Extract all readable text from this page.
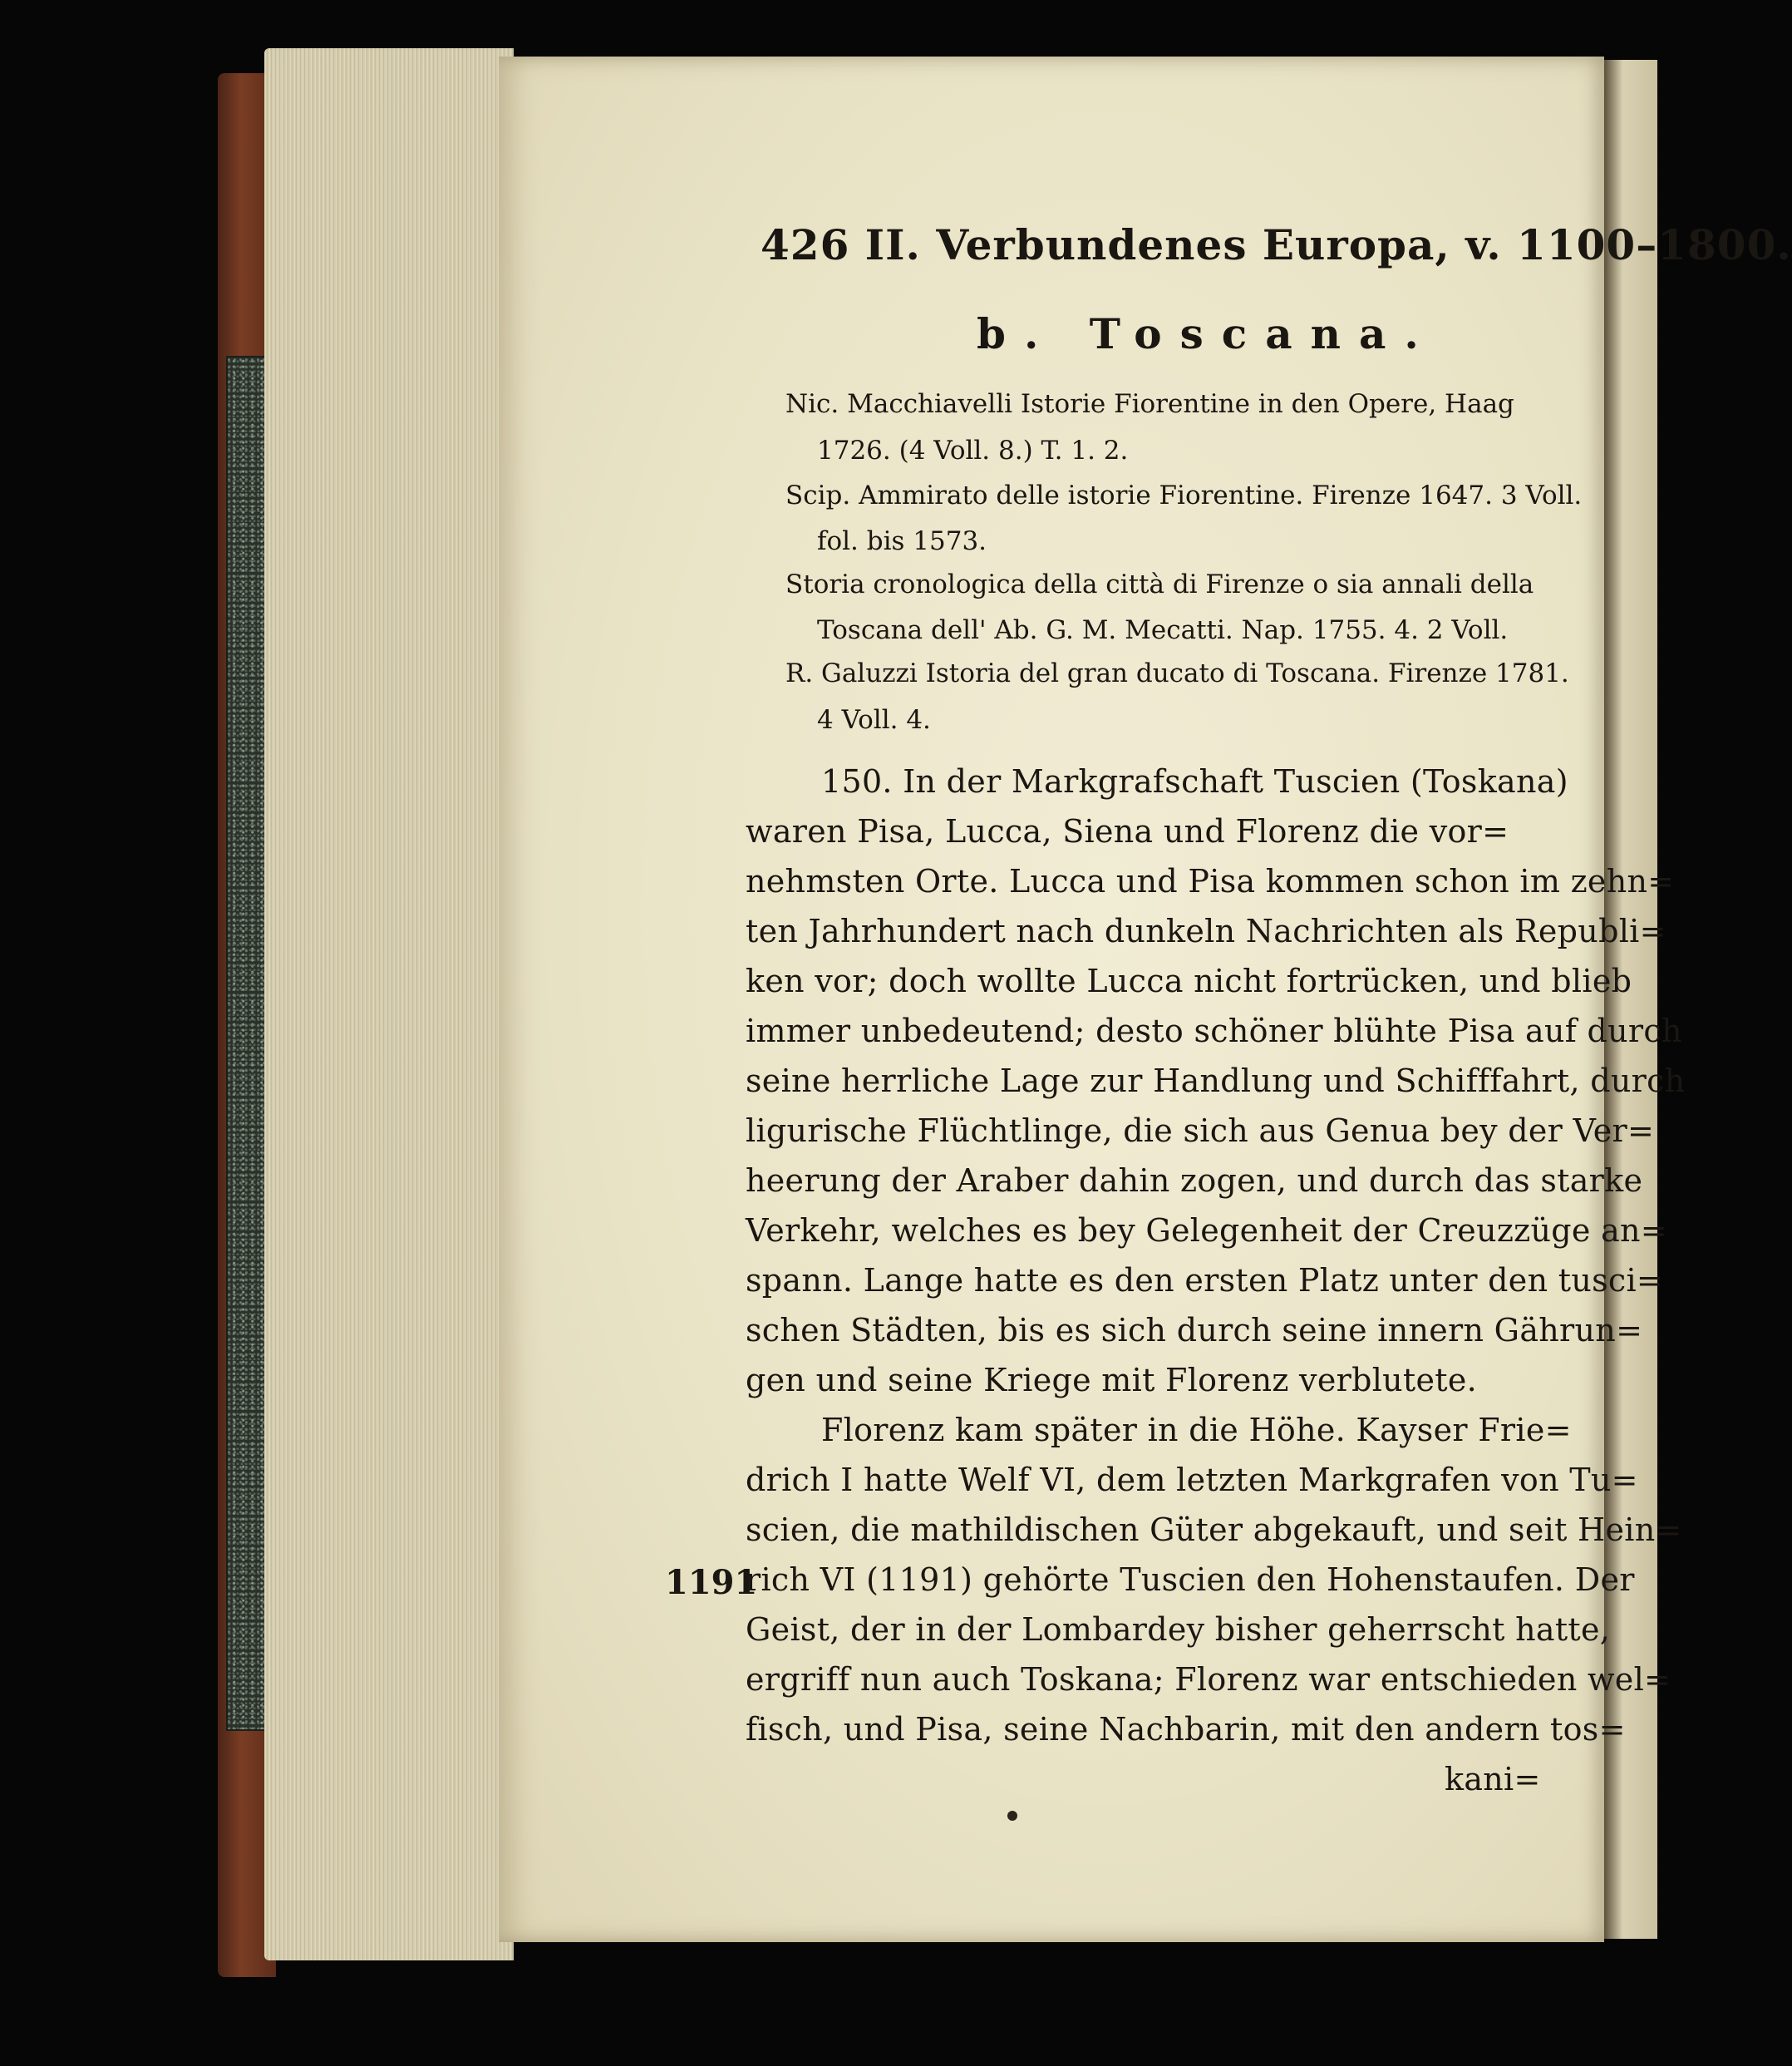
426 II. Verbundenes Europa, v. 1100–1800.
b. Toscana.
Nic. Macchiavelli Istorie Fiorentine in den Opere, Haag
1726. (4 Voll. 8.) T. 1. 2.
Scip. Ammirato delle istorie Fiorentine. Firenze 1647. 3 Voll.
fol. bis 1573.
Storia cronologica della città di Firenze o sia annali della
Toscana dell' Ab. G. M. Mecatti. Nap. 1755. 4. 2 Voll.
R. Galuzzi Istoria del gran ducato di Toscana. Firenze 1781.
4 Voll. 4.
150. In der Markgrafschaft Tuscien (Toskana)
waren Pisa, Lucca, Siena und Florenz die vor=
nehmsten Orte. Lucca und Pisa kommen schon im zehn=
ten Jahrhundert nach dunkeln Nachrichten als Republi=
ken vor; doch wollte Lucca nicht fortrücken, und blieb
immer unbedeutend; desto schöner blühte Pisa auf durch
seine herrliche Lage zur Handlung und Schifffahrt, durch
ligurische Flüchtlinge, die sich aus Genua bey der Ver=
heerung der Araber dahin zogen, und durch das starke
Verkehr, welches es bey Gelegenheit der Creuzzüge an=
spann. Lange hatte es den ersten Platz unter den tusci=
schen Städten, bis es sich durch seine innern Gährun=
gen und seine Kriege mit Florenz verblutete.
Florenz kam später in die Höhe. Kayser Frie=
drich I hatte Welf VI, dem letzten Markgrafen von Tu=
scien, die mathildischen Güter abgekauft, und seit Hein=
rich VI (1191) gehörte Tuscien den Hohenstaufen. Der
Geist, der in der Lombardey bisher geherrscht hatte,
ergriff nun auch Toskana; Florenz war entschieden wel=
fisch, und Pisa, seine Nachbarin, mit den andern tos=
kani=
1191
